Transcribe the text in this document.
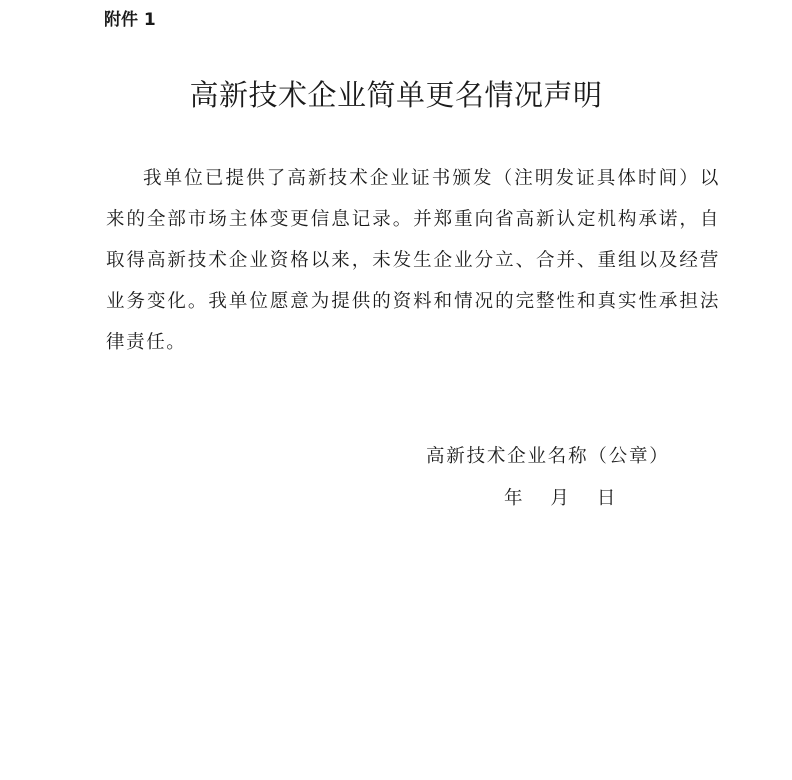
附件 1
高新技术企业简单更名情况声明
我单位已提供了高新技术企业证书颁发（注明发证具体时间）以来的全部市场主体变更信息记录。并郑重向省高新认定机构承诺，自取得高新技术企业资格以来，未发生企业分立、合并、重组以及经营业务变化。我单位愿意为提供的资料和情况的完整性和真实性承担法律责任。
高新技术企业名称（公章）
年 月 日
